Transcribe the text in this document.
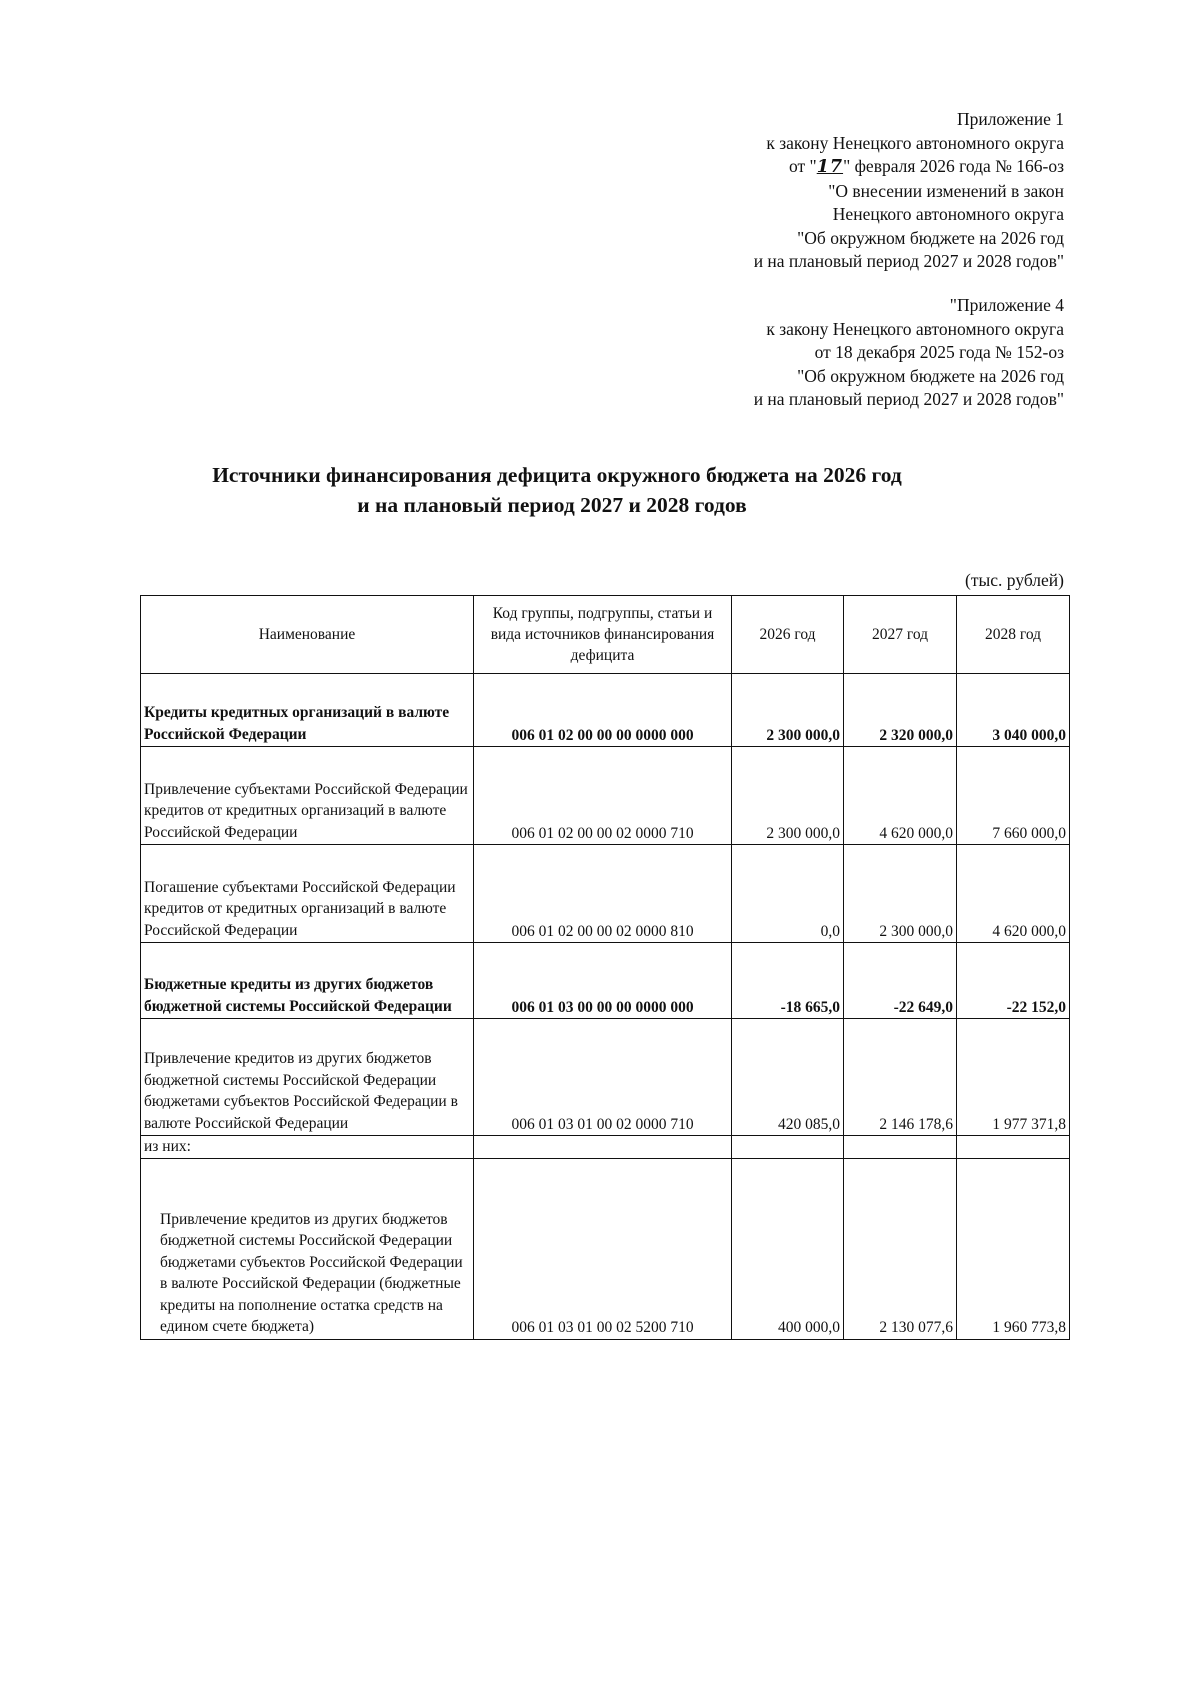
Приложение 1
к закону Ненецкого автономного округа
от "17" февраля 2026 года № 166-оз
"О внесении изменений в закон
Ненецкого автономного округа
"Об окружном бюджете на 2026 год
и на плановый период 2027 и 2028 годов"
"Приложение 4
к закону Ненецкого автономного округа
от 18 декабря 2025 года № 152-оз
"Об окружном бюджете на 2026 год
и на плановый период 2027 и 2028 годов"
Источники финансирования дефицита окружного бюджета на 2026 год
и на плановый период 2027 и 2028 годов
(тыс. рублей)
Наименование	Код группы, подгруппы, статьи и вида источников финансирования дефицита	2026 год	2027 год	2028 год

Кредиты кредитных организаций в валюте Российской Федерации	006 01 02 00 00 00 0000 000	2 300 000,0	2 320 000,0	3 040 000,0

Привлечение субъектами Российской Федерации кредитов от кредитных организаций в валюте Российской Федерации	006 01 02 00 00 02 0000 710	2 300 000,0	4 620 000,0	7 660 000,0

Погашение субъектами Российской Федерации кредитов от кредитных организаций в валюте Российской Федерации	006 01 02 00 00 02 0000 810	0,0	2 300 000,0	4 620 000,0

Бюджетные кредиты из других бюджетов бюджетной системы Российской Федерации	006 01 03 00 00 00 0000 000	-18 665,0	-22 649,0	-22 152,0

Привлечение кредитов из других бюджетов бюджетной системы Российской Федерации бюджетами субъектов Российской Федерации в валюте Российской Федерации	006 01 03 01 00 02 0000 710	420 085,0	2 146 178,6	1 977 371,8
из них:				

Привлечение кредитов из других бюджетов бюджетной системы Российской Федерации бюджетами субъектов Российской Федерации в валюте Российской Федерации (бюджетные кредиты на пополнение остатка средств на едином счете бюджета)	006 01 03 01 00 02 5200 710	400 000,0	2 130 077,6	1 960 773,8
